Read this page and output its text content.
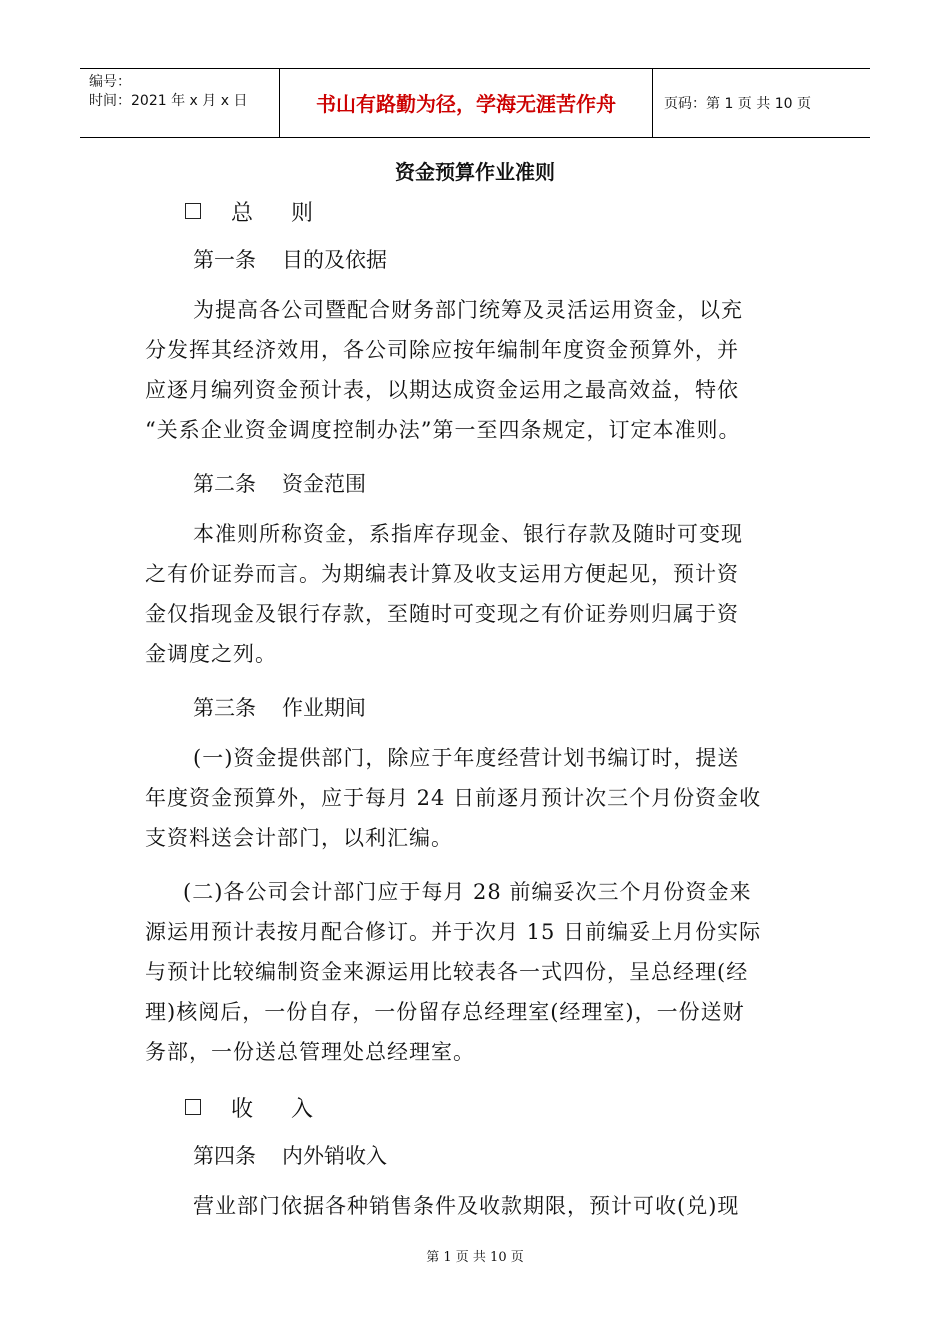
编号：
时间：2021 年 x 月 x 日	书山有路勤为径，学海无涯苦作舟	页码：第 1 页 共 10 页
资金预算作业准则
总 则
第一条 目的及依据
为提高各公司暨配合财务部门统筹及灵活运用资金，以充
分发挥其经济效用，各公司除应按年编制年度资金预算外，并
应逐月编列资金预计表，以期达成资金运用之最高效益，特依
“关系企业资金调度控制办法”第一至四条规定，订定本准则。
第二条 资金范围
本准则所称资金，系指库存现金、银行存款及随时可变现
之有价证券而言。为期编表计算及收支运用方便起见，预计资
金仅指现金及银行存款，至随时可变现之有价证券则归属于资
金调度之列。
第三条 作业期间
(一)资金提供部门，除应于年度经营计划书编订时，提送
年度资金预算外，应于每月 24 日前逐月预计次三个月份资金收
支资料送会计部门，以利汇编。
(二)各公司会计部门应于每月 28 前编妥次三个月份资金来
源运用预计表按月配合修订。并于次月 15 日前编妥上月份实际
与预计比较编制资金来源运用比较表各一式四份，呈总经理(经
理)核阅后，一份自存，一份留存总经理室(经理室)，一份送财
务部，一份送总管理处总经理室。
收 入
第四条 内外销收入
营业部门依据各种销售条件及收款期限，预计可收(兑)现
第 1 页 共 10 页
